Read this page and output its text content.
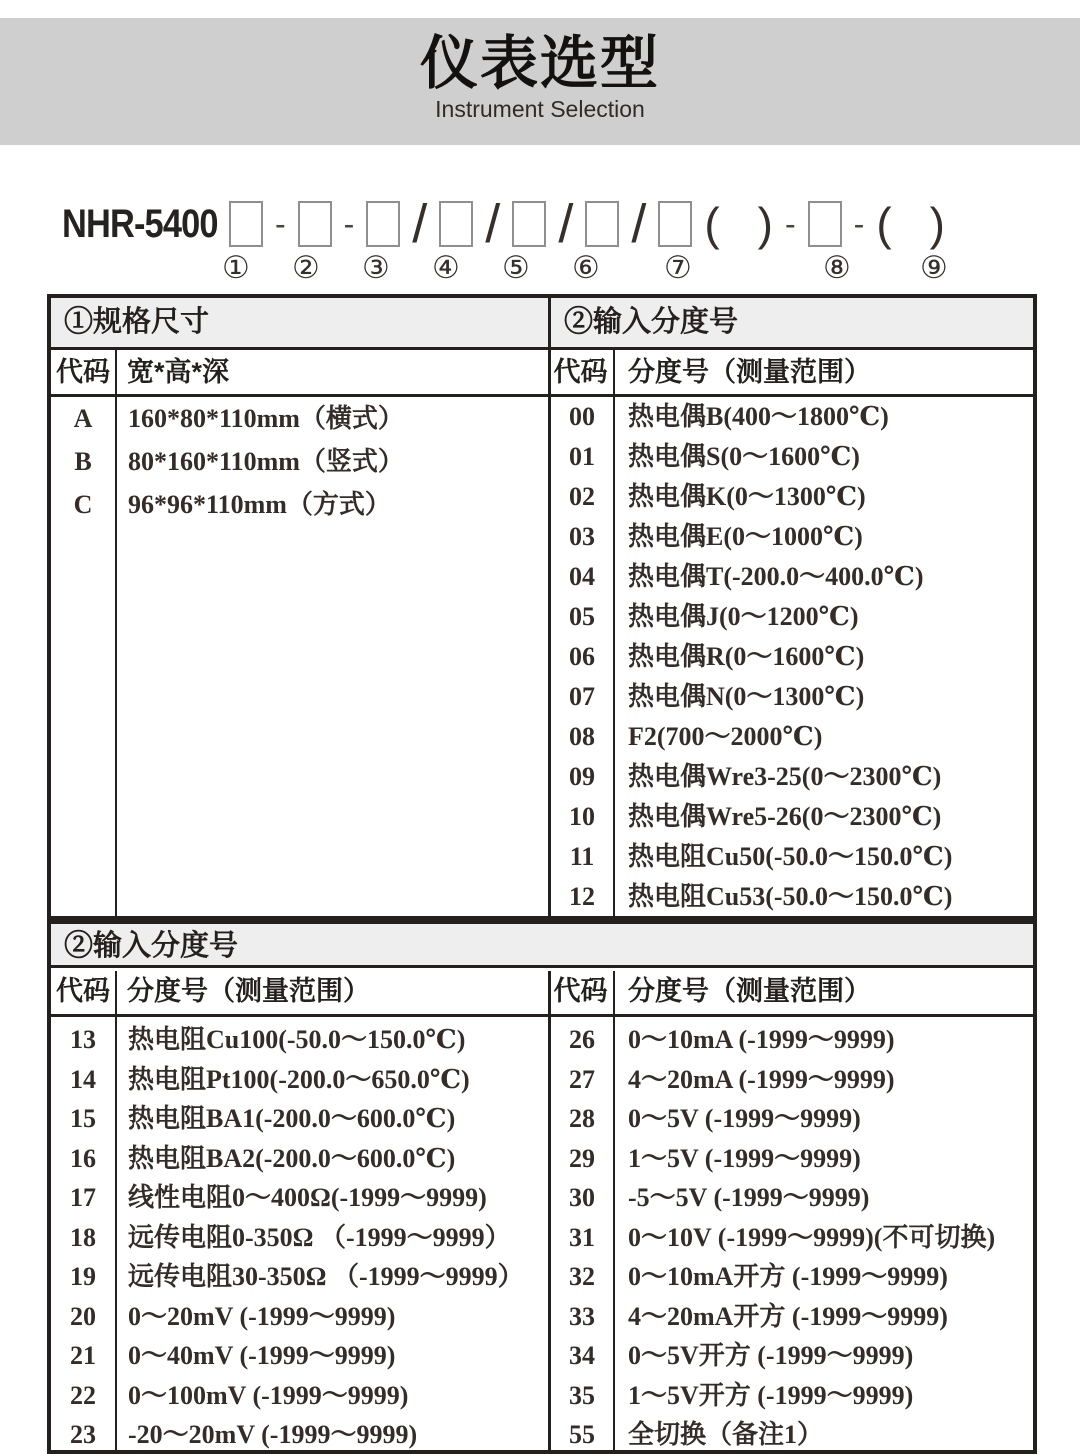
仪表选型
Instrument Selection
NHR-5400 - - / / / / ( ) - - ( )
① ② ③ ④ ⑤ ⑥ ⑦	⑧ ⑨
①规格尺寸	②输入分度号
代码 宽*高*深	代码 分度号（测量范围）
A	160*80*110mm（横式）
B	80*160*110mm（竖式）
C	96*96*110mm（方式）
00	热电偶B(400～1800℃)
01	热电偶S(0～1600℃)
02	热电偶K(0～1300℃)
03	热电偶E(0～1000℃)
04	热电偶T(-200.0～400.0℃)
05	热电偶J(0～1200℃)
06	热电偶R(0～1600℃)
07	热电偶N(0～1300℃)
08	F2(700～2000℃)
09	热电偶Wre3-25(0～2300℃)
10	热电偶Wre5-26(0～2300℃)
11	热电阻Cu50(-50.0～150.0℃)
12	热电阻Cu53(-50.0～150.0℃)
②输入分度号
代码 分度号（测量范围）	代码 分度号（测量范围）
13	热电阻Cu100(-50.0～150.0℃)
14	热电阻Pt100(-200.0～650.0℃)
15	热电阻BA1(-200.0～600.0℃)
16	热电阻BA2(-200.0～600.0℃)
17	线性电阻0～400Ω(-1999～9999)
18	远传电阻0-350Ω （-1999～9999）
19	远传电阻30-350Ω （-1999～9999）
20	0～20mV (-1999～9999)
21	0～40mV (-1999～9999)
22	0～100mV (-1999～9999)
23	-20～20mV (-1999～9999)
26	0～10mA (-1999～9999)
27	4～20mA (-1999～9999)
28	0～5V (-1999～9999)
29	1～5V (-1999～9999)
30	-5～5V (-1999～9999)
31	0～10V (-1999～9999)(不可切换)
32	0～10mA开方 (-1999～9999)
33	4～20mA开方 (-1999～9999)
34	0～5V开方 (-1999～9999)
35	1～5V开方 (-1999～9999)
55	全切换（备注1）
